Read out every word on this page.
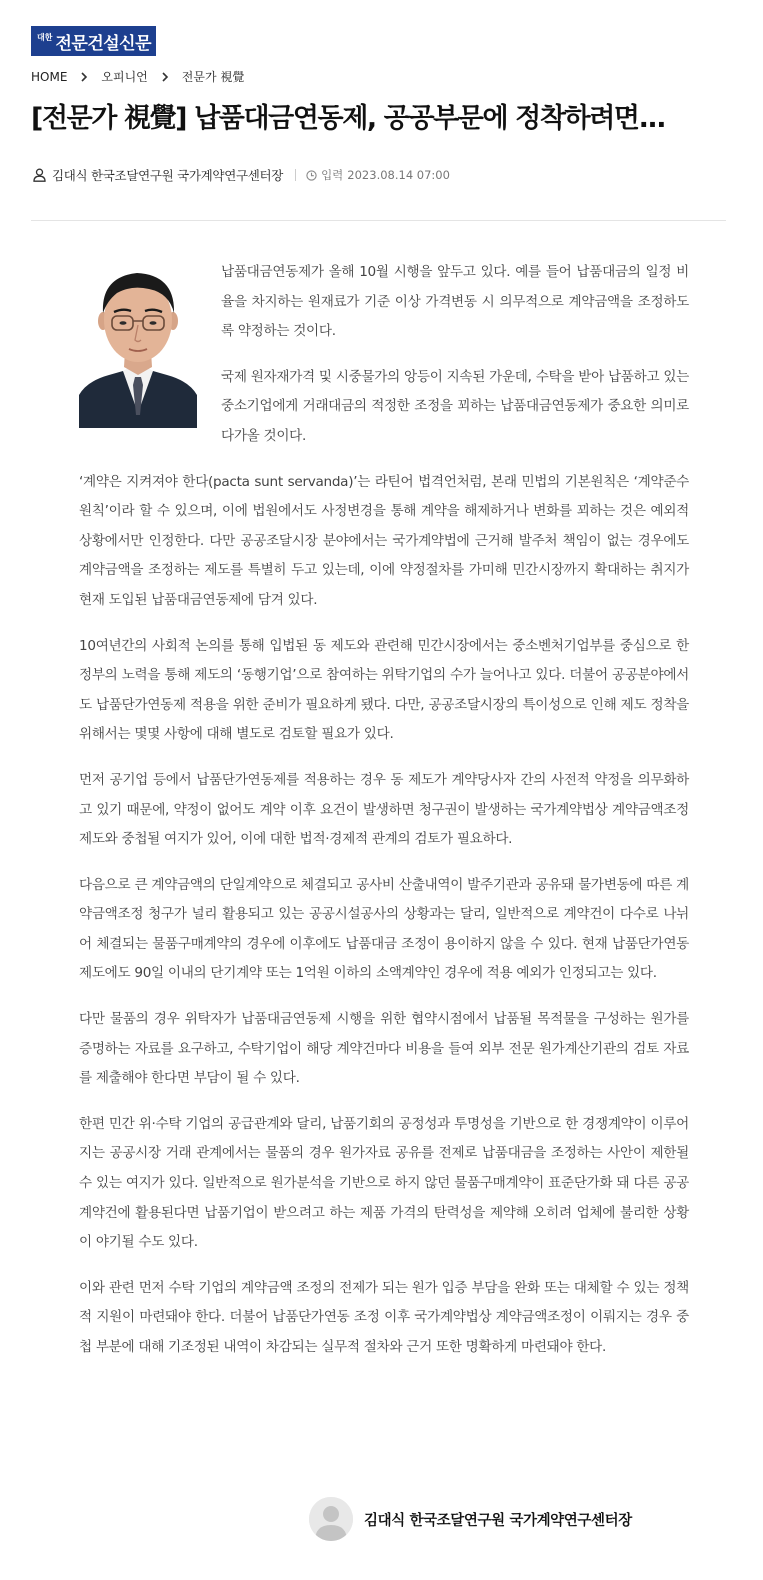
대한 전문건설신문
HOME	오피니언	전문가 視覺
[전문가 視覺] 납품대금연동제, 공공부문에 정착하려면...
김대식 한국조달연구원 국가계약연구센터장	입력 2023.08.14 07:00

납품대금연동제가 올해 10월 시행을 앞두고 있다. 예를 들어 납품대금의 일정 비율을 차지하는 원재료가 기준 이상 가격변동 시 의무적으로 계약금액을 조정하도록 약정하는 것이다.

국제 원자재가격 및 시중물가의 앙등이 지속된 가운데, 수탁을 받아 납품하고 있는 중소기업에게 거래대금의 적정한 조정을 꾀하는 납품대금연동제가 중요한 의미로 다가올 것이다.

‘계약은 지켜져야 한다(pacta sunt servanda)’는 라틴어 법격언처럼, 본래 민법의 기본원칙은 ‘계약준수원칙’이라 할 수 있으며, 이에 법원에서도 사정변경을 통해 계약을 해제하거나 변화를 꾀하는 것은 예외적 상황에서만 인정한다. 다만 공공조달시장 분야에서는 국가계약법에 근거해 발주처 책임이 없는 경우에도 계약금액을 조정하는 제도를 특별히 두고 있는데, 이에 약정절차를 가미해 민간시장까지 확대하는 취지가 현재 도입된 납품대금연동제에 담겨 있다.

10여년간의 사회적 논의를 통해 입법된 동 제도와 관련해 민간시장에서는 중소벤처기업부를 중심으로 한 정부의 노력을 통해 제도의 ‘동행기업’으로 참여하는 위탁기업의 수가 늘어나고 있다. 더불어 공공분야에서도 납품단가연동제 적용을 위한 준비가 필요하게 됐다. 다만, 공공조달시장의 특이성으로 인해 제도 정착을 위해서는 몇몇 사항에 대해 별도로 검토할 필요가 있다.

먼저 공기업 등에서 납품단가연동제를 적용하는 경우 동 제도가 계약당사자 간의 사전적 약정을 의무화하고 있기 때문에, 약정이 없어도 계약 이후 요건이 발생하면 청구권이 발생하는 국가계약법상 계약금액조정제도와 중첩될 여지가 있어, 이에 대한 법적·경제적 관계의 검토가 필요하다.

다음으로 큰 계약금액의 단일계약으로 체결되고 공사비 산출내역이 발주기관과 공유돼 물가변동에 따른 계약금액조정 청구가 널리 활용되고 있는 공공시설공사의 상황과는 달리, 일반적으로 계약건이 다수로 나뉘어 체결되는 물품구매계약의 경우에 이후에도 납품대금 조정이 용이하지 않을 수 있다. 현재 납품단가연동제도에도 90일 이내의 단기계약 또는 1억원 이하의 소액계약인 경우에 적용 예외가 인정되고는 있다.

다만 물품의 경우 위탁자가 납품대금연동제 시행을 위한 협약시점에서 납품될 목적물을 구성하는 원가를 증명하는 자료를 요구하고, 수탁기업이 해당 계약건마다 비용을 들여 외부 전문 원가계산기관의 검토 자료를 제출해야 한다면 부담이 될 수 있다.

한편 민간 위·수탁 기업의 공급관계와 달리, 납품기회의 공정성과 투명성을 기반으로 한 경쟁계약이 이루어지는 공공시장 거래 관계에서는 물품의 경우 원가자료 공유를 전제로 납품대금을 조정하는 사안이 제한될 수 있는 여지가 있다. 일반적으로 원가분석을 기반으로 하지 않던 물품구매계약이 표준단가화 돼 다른 공공계약건에 활용된다면 납품기업이 받으려고 하는 제품 가격의 탄력성을 제약해 오히려 업체에 불리한 상황이 야기될 수도 있다.

이와 관련 먼저 수탁 기업의 계약금액 조정의 전제가 되는 원가 입증 부담을 완화 또는 대체할 수 있는 정책적 지원이 마련돼야 한다. 더불어 납품단가연동 조정 이후 국가계약법상 계약금액조정이 이뤄지는 경우 중첩 부분에 대해 기조정된 내역이 차감되는 실무적 절차와 근거 또한 명확하게 마련돼야 한다.

김대식 한국조달연구원 국가계약연구센터장
